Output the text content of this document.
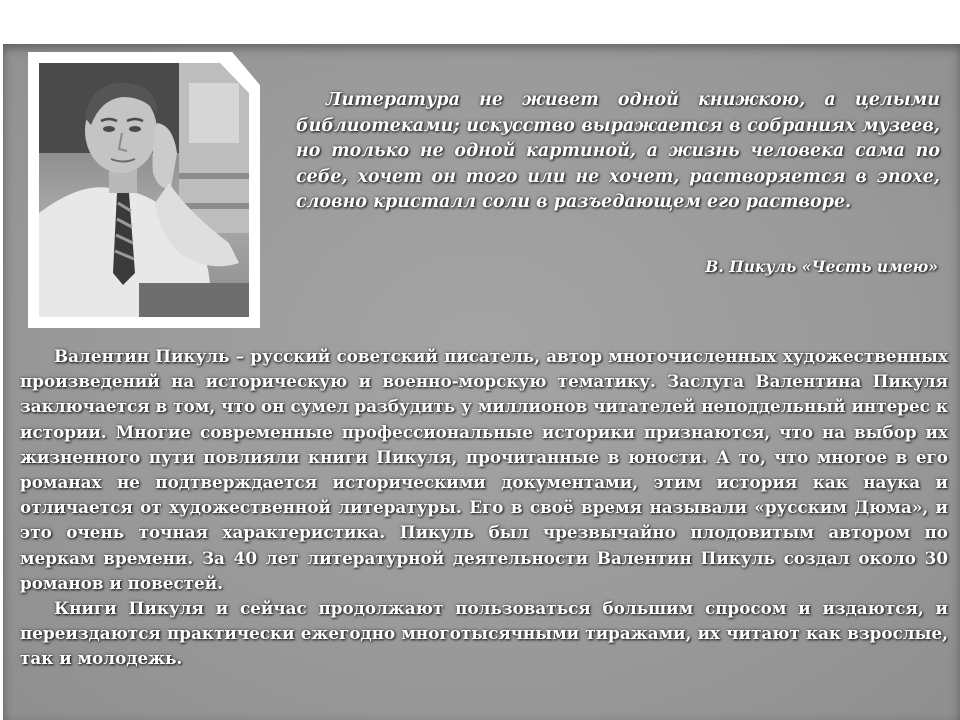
Литература не живет одной книжкою, а целыми библиотеками; искусство выражается в собраниях музеев, но только не одной картиной, а жизнь человека сама по себе, хочет он того или не хочет, растворяется в эпохе, словно кристалл соли в разъедающем его растворе.

В. Пикуль «Честь имею»

Валентин Пикуль – русский советский писатель, автор многочисленных художественных произведений на историческую и военно-морскую тематику. Заслуга Валентина Пикуля заключается в том, что он сумел разбудить у миллионов читателей неподдельный интерес к истории. Многие современные профессиональные историки признаются, что на выбор их жизненного пути повлияли книги Пикуля, прочитанные в юности. А то, что многое в его романах не подтверждается историческими документами, этим история как наука и отличается от художественной литературы. Его в своё время называли «русским Дюма», и это очень точная характеристика. Пикуль был чрезвычайно плодовитым автором по меркам времени. За 40 лет литературной деятельности Валентин Пикуль создал около 30 романов и повестей.

Книги Пикуля и сейчас продолжают пользоваться большим спросом и издаются, и переиздаются практически ежегодно многотысячными тиражами, их читают как взрослые, так и молодежь.
